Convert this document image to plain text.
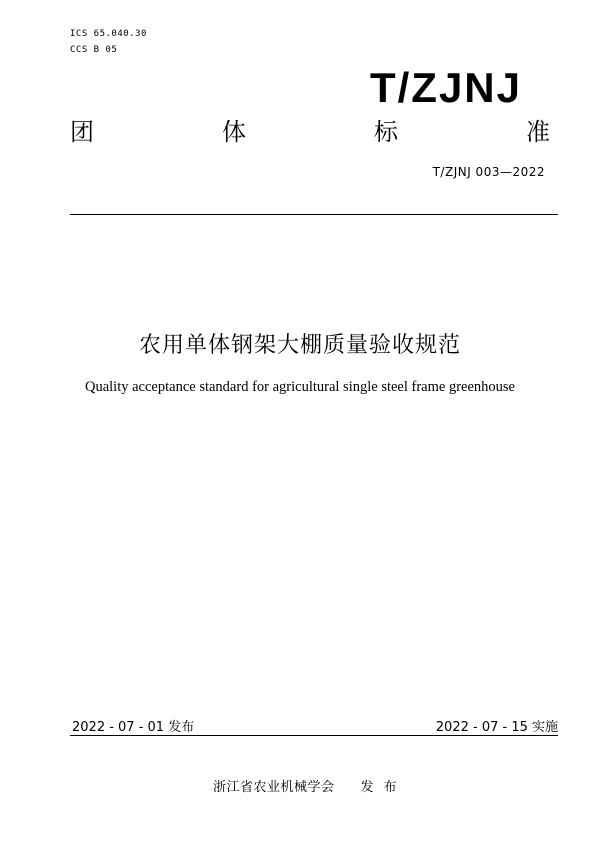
ICS 65.040.30
CCS B 05
T/ZJNJ
团	体	标	准
T/ZJNJ 003—2022
农用单体钢架大棚质量验收规范
Quality acceptance standard for agricultural single steel frame greenhouse
2022 - 07 - 01 发布	2022 - 07 - 15 实施
浙江省农业机械学会 发布
